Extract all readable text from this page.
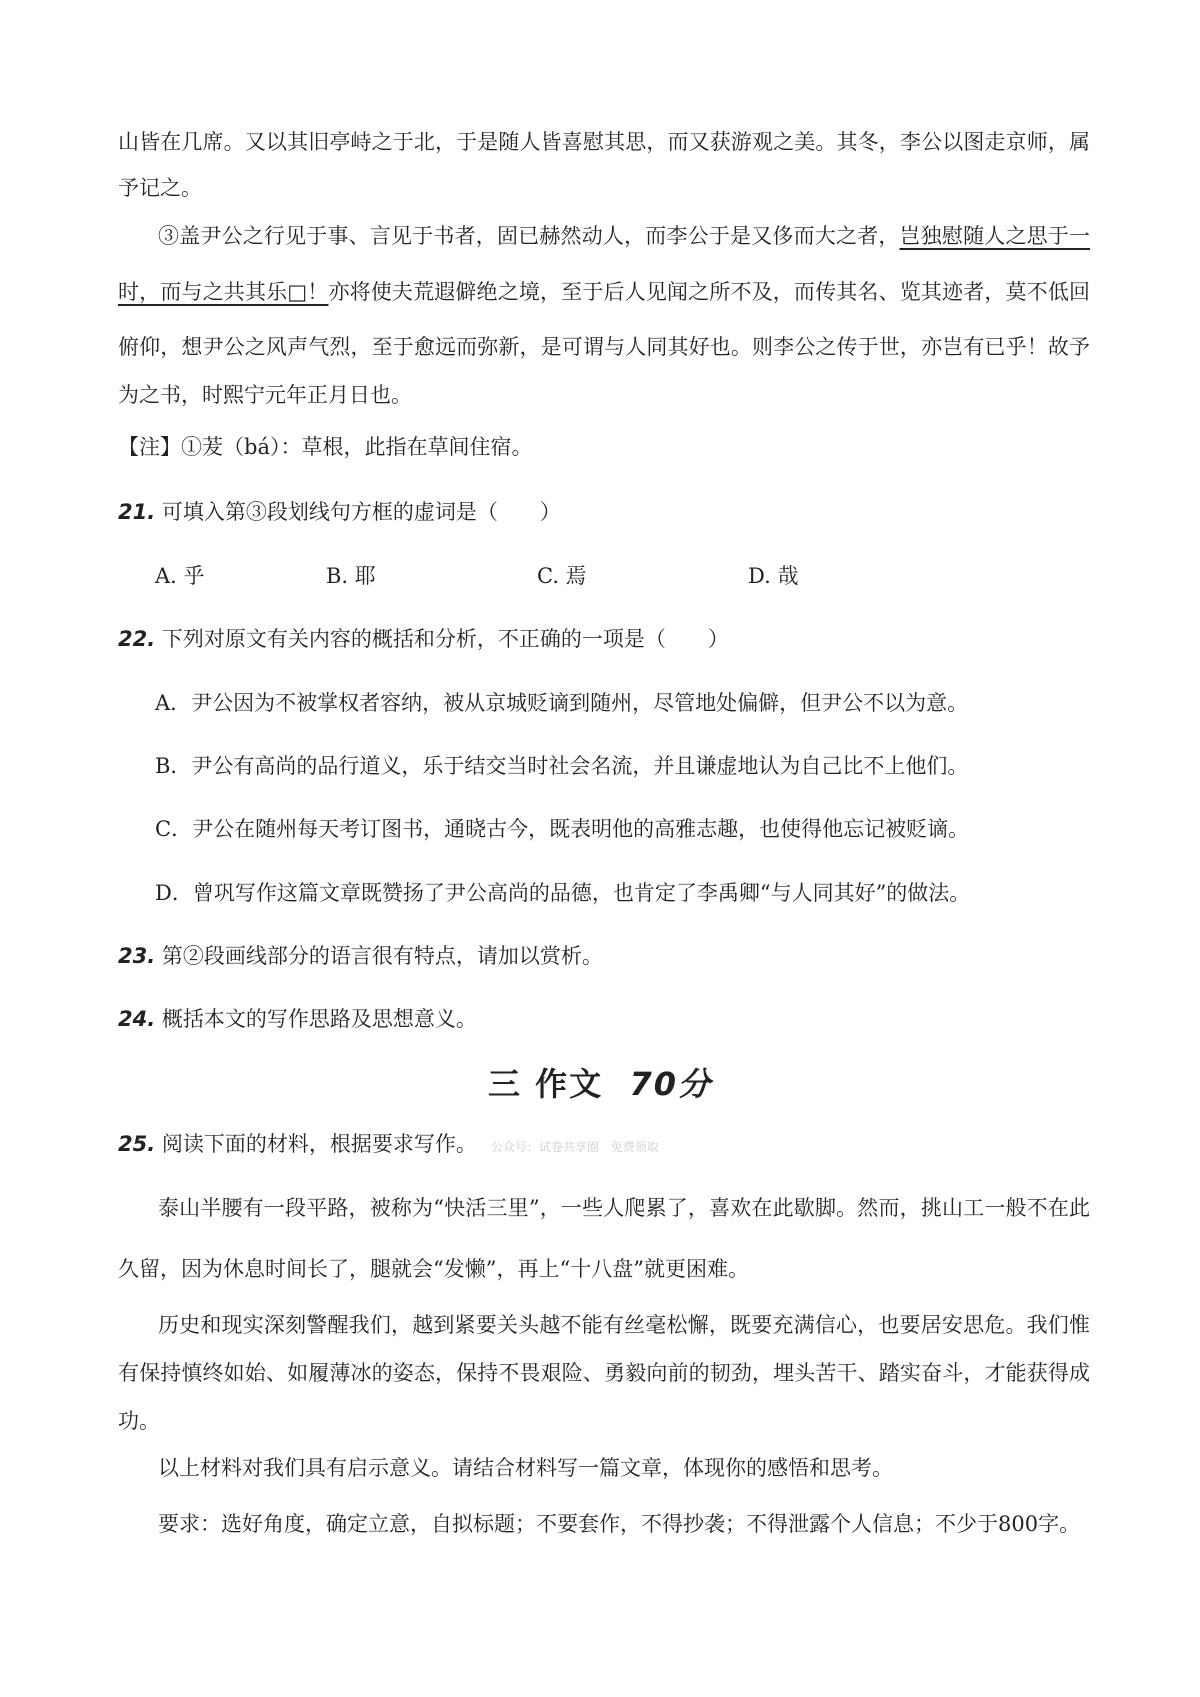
山皆在几席。又以其旧亭峙之于北，于是随人皆喜慰其思，而又获游观之美。其冬，李公以图走京师，属
予记之。
③盖尹公之行见于事、言见于书者，固已赫然动人，而李公于是又侈而大之者，岂独慰随人之思于一
时，而与之共其乐□！亦将使夫荒遐僻绝之境，至于后人见闻之所不及，而传其名、览其迹者，莫不低回
俯仰，想尹公之风声气烈，至于愈远而弥新，是可谓与人同其好也。则李公之传于世，亦岂有已乎！故予
为之书，时熙宁元年正月日也。
【注】①茇（bá）：草根，此指在草间住宿。
21. 可填入第③段划线句方框的虚词是（　　）
A. 乎	B. 耶	C. 焉	D. 哉
22. 下列对原文有关内容的概括和分析，不正确的一项是（　　）
A．尹公因为不被掌权者容纳，被从京城贬谪到随州，尽管地处偏僻，但尹公不以为意。
B．尹公有高尚的品行道义，乐于结交当时社会名流，并且谦虚地认为自己比不上他们。
C．尹公在随州每天考订图书，通晓古今，既表明他的高雅志趣，也使得他忘记被贬谪。
D．曾巩写作这篇文章既赞扬了尹公高尚的品德，也肯定了李禹卿“与人同其好”的做法。
23. 第②段画线部分的语言很有特点，请加以赏析。
24. 概括本文的写作思路及思想意义。
三 作文 70分
25. 阅读下面的材料，根据要求写作。 公众号：试卷共享圈　免费领取
泰山半腰有一段平路，被称为“快活三里”，一些人爬累了，喜欢在此歇脚。然而，挑山工一般不在此
久留，因为休息时间长了，腿就会“发懒”，再上“十八盘”就更困难。
历史和现实深刻警醒我们，越到紧要关头越不能有丝毫松懈，既要充满信心，也要居安思危。我们惟
有保持慎终如始、如履薄冰的姿态，保持不畏艰险、勇毅向前的韧劲，埋头苦干、踏实奋斗，才能获得成
功。
以上材料对我们具有启示意义。请结合材料写一篇文章，体现你的感悟和思考。
要求：选好角度，确定立意，自拟标题；不要套作，不得抄袭；不得泄露个人信息；不少于800字。
